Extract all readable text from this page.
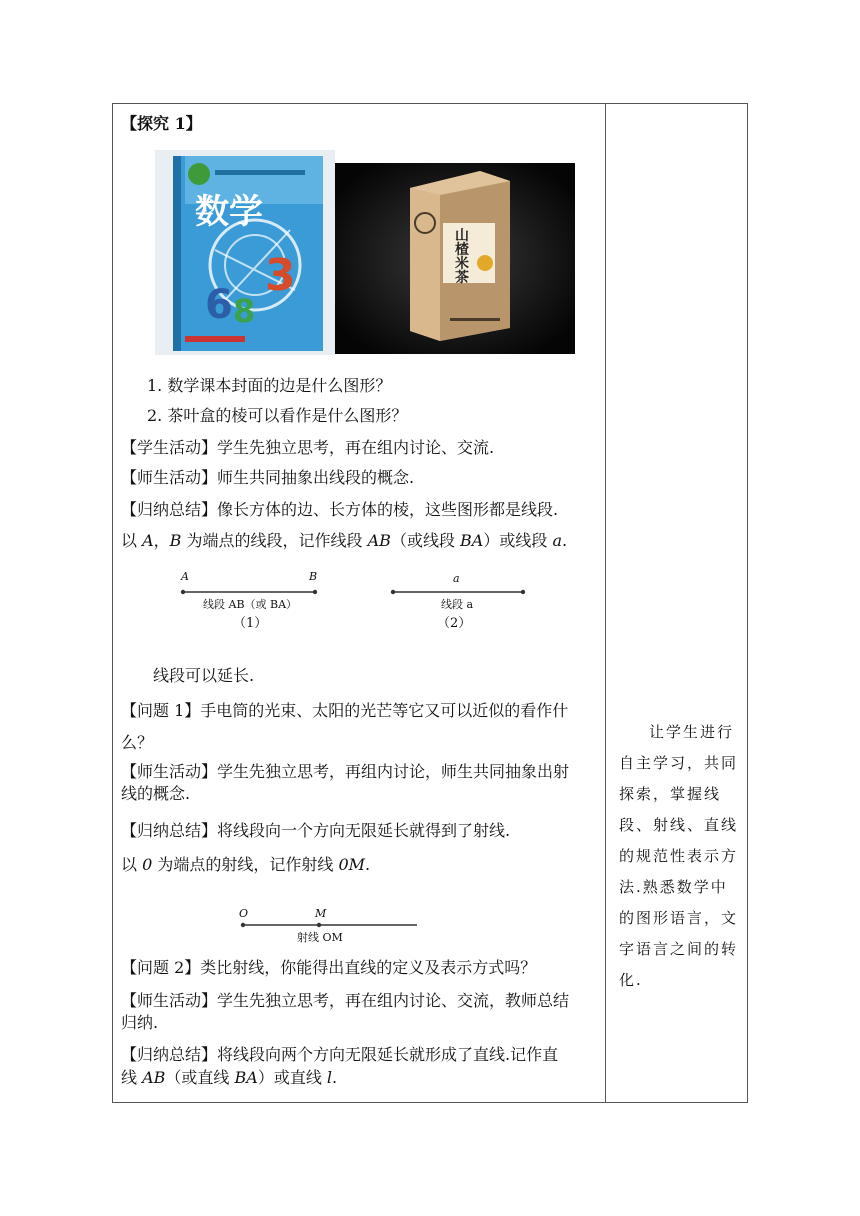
【探究 1】
3
6 8
数学
山楂米茶
1. 数学课本封面的边是什么图形？
2. 茶叶盒的棱可以看作是什么图形？
【学生活动】学生先独立思考，再在组内讨论、交流.
【师生活动】师生共同抽象出线段的概念.
【归纳总结】像长方体的边、长方体的棱，这些图形都是线段.
以 A，B 为端点的线段，记作线段 AB（或线段 BA）或线段 a.
A	B
线段 AB（或 BA）
（1）
a
线段 a
（2）
线段可以延长.
【问题 1】手电筒的光束、太阳的光芒等它又可以近似的看作什
么？
【师生活动】学生先独立思考，再组内讨论，师生共同抽象出射
线的概念.
【归纳总结】将线段向一个方向无限延长就得到了射线.
以 0 为端点的射线，记作射线 0M.
O	M
射线 OM
【问题 2】类比射线，你能得出直线的定义及表示方式吗？
【师生活动】学生先独立思考，再在组内讨论、交流，教师总结
归纳.
【归纳总结】将线段向两个方向无限延长就形成了直线.记作直
线 AB（或直线 BA）或直线 l.
让学生进行
自主学习，共同
探索，掌握线
段、射线、直线
的规范性表示方
法.熟悉数学中
的图形语言，文
字语言之间的转
化.
